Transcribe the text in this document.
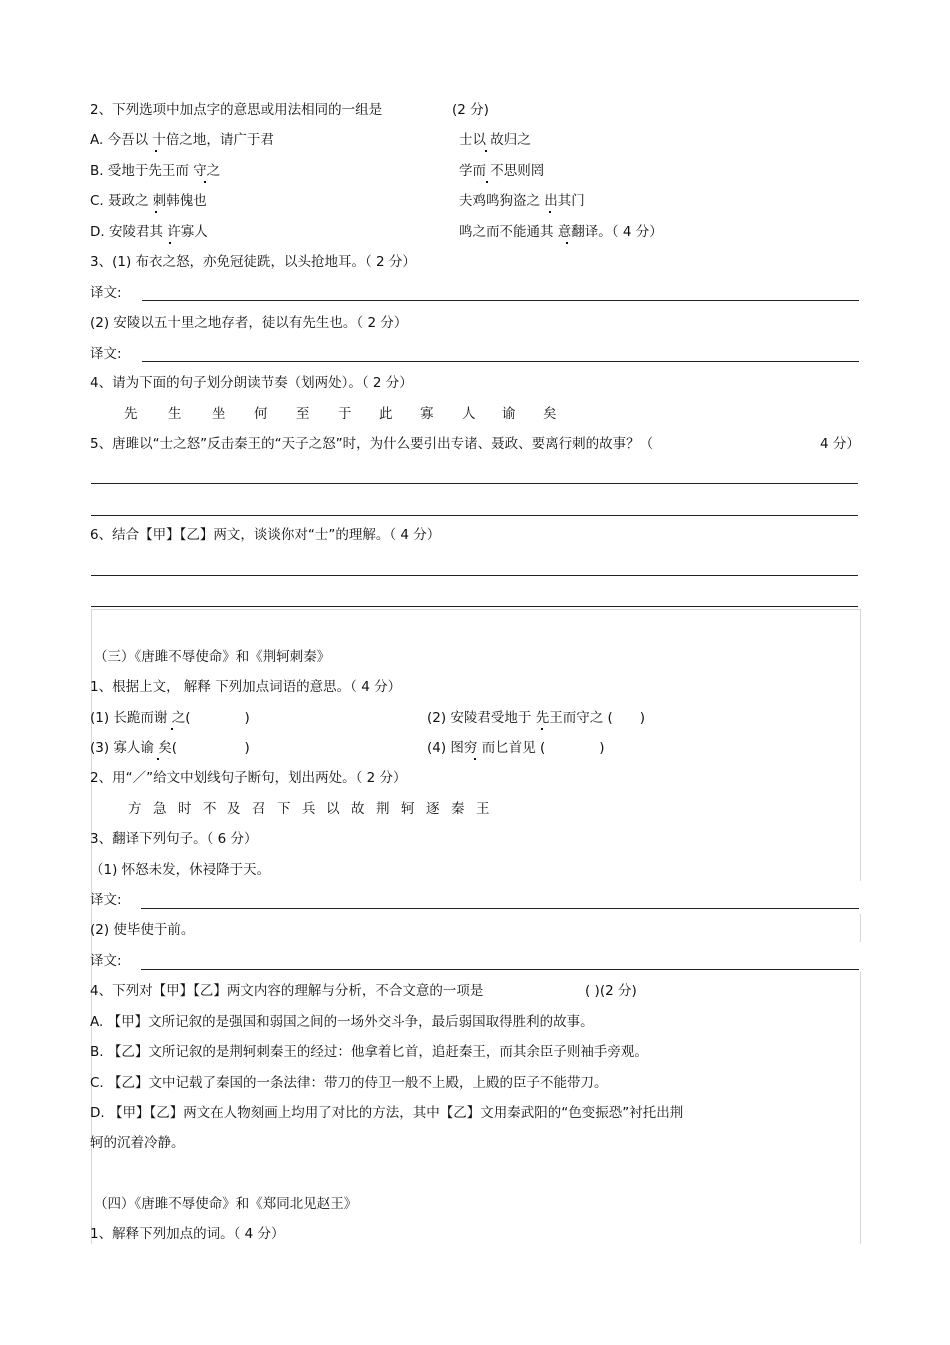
2、下列选项中加点字的意思或用法相同的一组是	(2 分)
A. 今吾以 十倍之地，请广于君	士以 故归之
B. 受地于先王而 守之	学而 不思则罔
C. 聂政之 刺韩傀也	夫鸡鸣狗盗之 出其门
D. 安陵君其 许寡人	鸣之而不能通其 意翻译。（ 4 分）
3、(1) 布衣之怒，亦免冠徒跣，以头抢地耳。（ 2 分）
译文:
(2) 安陵以五十里之地存者，徒以有先生也。（ 2 分）
译文:
4、请为下面的句子划分朗读节奏（划两处）。（ 2 分）
先 生 坐 何 至 于 此 寡 人 谕 矣
5、唐雎以“士之怒”反击秦王的“天子之怒”时，为什么要引出专诸、聂政、要离行刺的故事？（	4 分）
6、结合【甲】【乙】两文，谈谈你对“士”的理解。（ 4 分）
（三）《唐雎不辱使命》和《荆轲刺秦》
1、根据上文， 解释 下列加点词语的意思。（ 4 分）
(1) 长跪而谢 之(　　　　)	(2) 安陵君受地于 先王而守之 (　　)
(3) 寡人谕 矣(　　　　　)	(4) 图穷 而匕首见 (　　　　)
2、用“／”给文中划线句子断句，划出两处。（ 2 分）
方 急 时 不 及 召 下 兵 以 故 荆 轲 逐 秦 王
3、翻译下列句子。（ 6 分）
（1) 怀怒未发，休祲降于天。
译文:
(2) 使毕使于前。
译文:
4、下列对【甲】【乙】两文内容的理解与分析，不合文意的一项是	( )(2 分)
A. 【甲】文所记叙的是强国和弱国之间的一场外交斗争，最后弱国取得胜利的故事。
B. 【乙】文所记叙的是荆轲刺秦王的经过：他拿着匕首，追赶秦王，而其余臣子则袖手旁观。
C. 【乙】文中记载了秦国的一条法律：带刀的侍卫一般不上殿，上殿的臣子不能带刀。
D. 【甲】【乙】两文在人物刻画上均用了对比的方法，其中【乙】文用秦武阳的“色变振恐”衬托出荆
轲的沉着冷静。
（四）《唐雎不辱使命》和《郑同北见赵王》
1、解释下列加点的词。（ 4 分）
